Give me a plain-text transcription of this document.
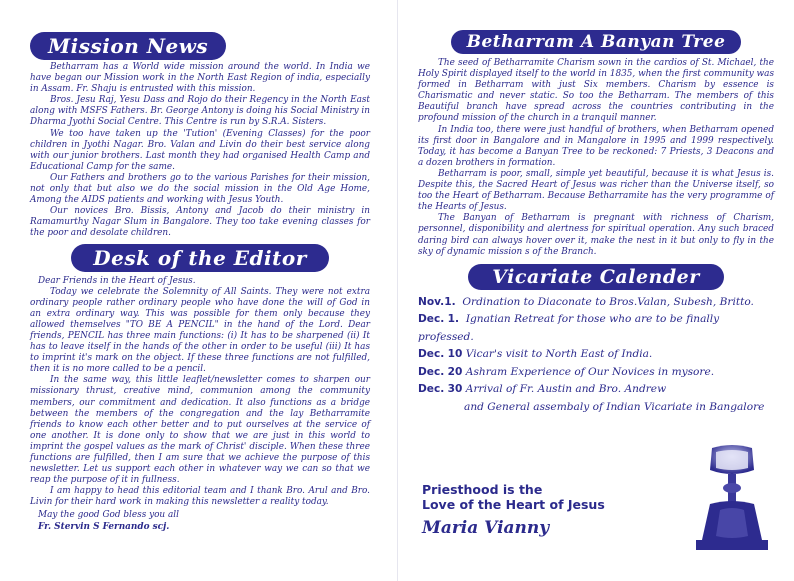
Mission News

Betharram has a World wide mission around the world. In India we have began our Mission work in the North East Region of india, especially in Assam. Fr. Shaju is entrusted with this mission.

Bros. Jesu Raj, Yesu Dass and Rojo do their Regency in the North East along with MSFS Fathers. Br. George Antony is doing his Social Ministry in Dharma Jyothi Social Centre. This Centre is run by S.R.A. Sisters.

We too have taken up the 'Tution' (Evening Classes) for the poor children in Jyothi Nagar. Bro. Valan and Livin do their best service along with our junior brothers. Last month they had organised Health Camp and Educational Camp for the same.

Our Fathers and brothers go to the various Parishes for their mission, not only that but also we do the social mission in the Old Age Home, Among the AIDS patients and working with Jesus Youth.

Our novices Bro. Bissis, Antony and Jacob do their ministry in Ramamurthy Nagar Slum in Bangalore. They too take evening classes for the poor and desolate children.

Desk of the Editor

Dear Friends in the Heart of Jesus.

Today we celebrate the Solemnity of All Saints. They were not extra ordinary people rather ordinary people who have done the will of God in an extra ordinary way. This was possible for them only because they allowed themselves "TO BE A PENCIL" in the hand of the Lord. Dear friends, PENCIL has three main functions: (i) It has to be sharpened (ii) It has to leave itself in the hands of the other in order to be useful (iii) It has to imprint it's mark on the object. If these three functions are not fulfilled, then it is no more called to be a pencil.

In the same way, this little leaflet/newsletter comes to sharpen our missionary thrust, creative mind, communion among the community members, our commitment and dedication. It also functions as a bridge between the members of the congregation and the lay Betharramite friends to know each other better and to put ourselves at the service of one another. It is done only to show that we are just in this world to imprint the gospel values as the mark of Christ' disciple. When these three functions are fulfilled, then I am sure that we achieve the purpose of this newsletter. Let us support each other in whatever way we can so that we reap the purpose of it in fullness.

I am happy to head this editorial team and I thank Bro. Arul and Bro. Livin for their hard work in making this newsletter a reality today.

May the good God bless you all

Fr. Stervin S Fernando scj.

Betharram A Banyan Tree

The seed of Betharramite Charism sown in the cardios of St. Michael, the Holy Spirit displayed itself to the world in 1835, when the first community was formed in Betharram with just Six members. Charism by essence is Charismatic and never static. So too the Betharram. The members of this Beautiful branch have spread across the countries contributing in the profound mission of the church in a tranquil manner.

In India too, there were just handful of brothers, when Betharram opened its first door in Bangalore and in Mangalore in 1995 and 1999 respectively. Today, it has become a Banyan Tree to be reckoned: 7 Priests, 3 Deacons and a dozen brothers in formation.

Betharram is poor, small, simple yet beautiful, because it is what Jesus is. Despite this, the Sacred Heart of Jesus was richer than the Universe itself, so too the Heart of Betharram. Because Betharramite has the very programme of the Hearts of Jesus.

The Banyan of Betharram is pregnant with richness of Charism, personnel, disponibility and alertness for spiritual operation. Any such braced daring bird can always hover over it, make the nest in it but only to fly in the sky of dynamic mission s of the Branch.

Vicariate Calender
Nov.1. Ordination to Diaconate to Bros.Valan, Subesh, Britto.
Dec. 1. Ignatian Retreat for those who are to be finally professed.
Dec. 10 Vicar's visit to North East of India.
Dec. 20 Ashram Experience of Our Novices in mysore.
Dec. 30 Arrival of Fr. Austin and Bro. Andrew
and General assembaly of Indian Vicariate in Bangalore
Priesthood is the
Love of the Heart of Jesus
Maria Vianny
